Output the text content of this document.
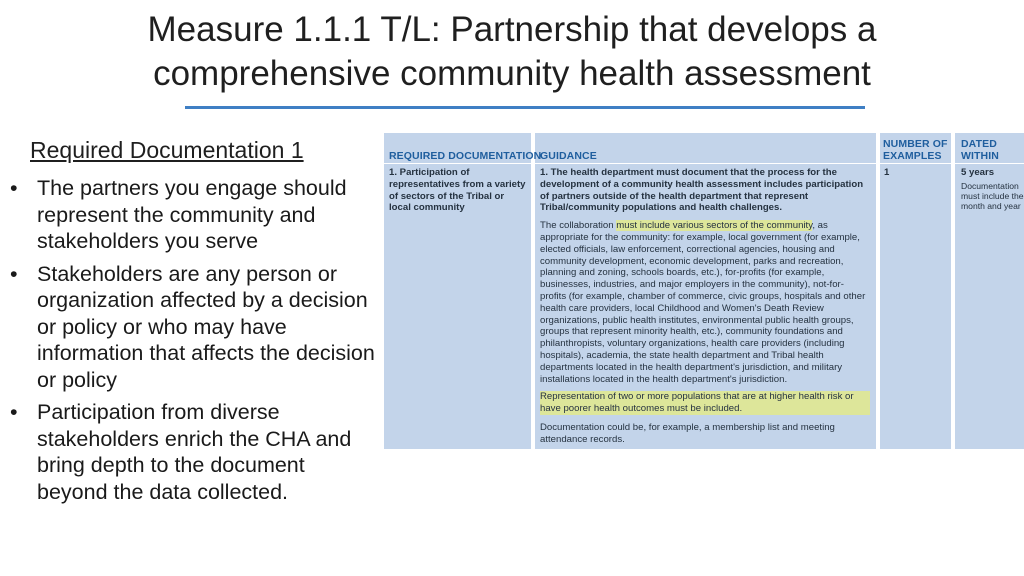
Measure 1.1.1 T/L: Partnership that develops a
comprehensive community health assessment
Required Documentation 1
• The partners you engage should represent the community and stakeholders you serve
• Stakeholders are any person or organization affected by a decision or policy or who may have information that affects the decision or policy
• Participation from diverse stakeholders enrich the CHA and bring depth to the document beyond the data collected.
REQUIRED DOCUMENTATION
GUIDANCE
NUMBER OF
EXAMPLES
DATED
WITHIN
1. Participation of representatives from a variety of sectors of the Tribal or local community

1. The health department must document that the process for the development of a community health assessment includes participation of partners outside of the health department that represent Tribal/community populations and health challenges.

The collaboration must include various sectors of the community, as appropriate for the community: for example, local government (for example, elected officials, law enforcement, correctional agencies, housing and community development, economic development, parks and recreation, planning and zoning, schools boards, etc.), for-profits (for example, businesses, industries, and major employers in the community), not-for-profits (for example, chamber of commerce, civic groups, hospitals and other health care providers, local Childhood and Women's Death Review organizations, public health institutes, environmental public health groups, groups that represent minority health, etc.), community foundations and philanthropists, voluntary organizations, health care providers (including hospitals), academia, the state health department and Tribal health departments located in the health department's jurisdiction, and military installations located in the health department's jurisdiction.

Representation of two or more populations that are at higher health risk or have poorer health outcomes must be included.

Documentation could be, for example, a membership list and meeting attendance records.

1	5 years

Documentation must include the month and year
